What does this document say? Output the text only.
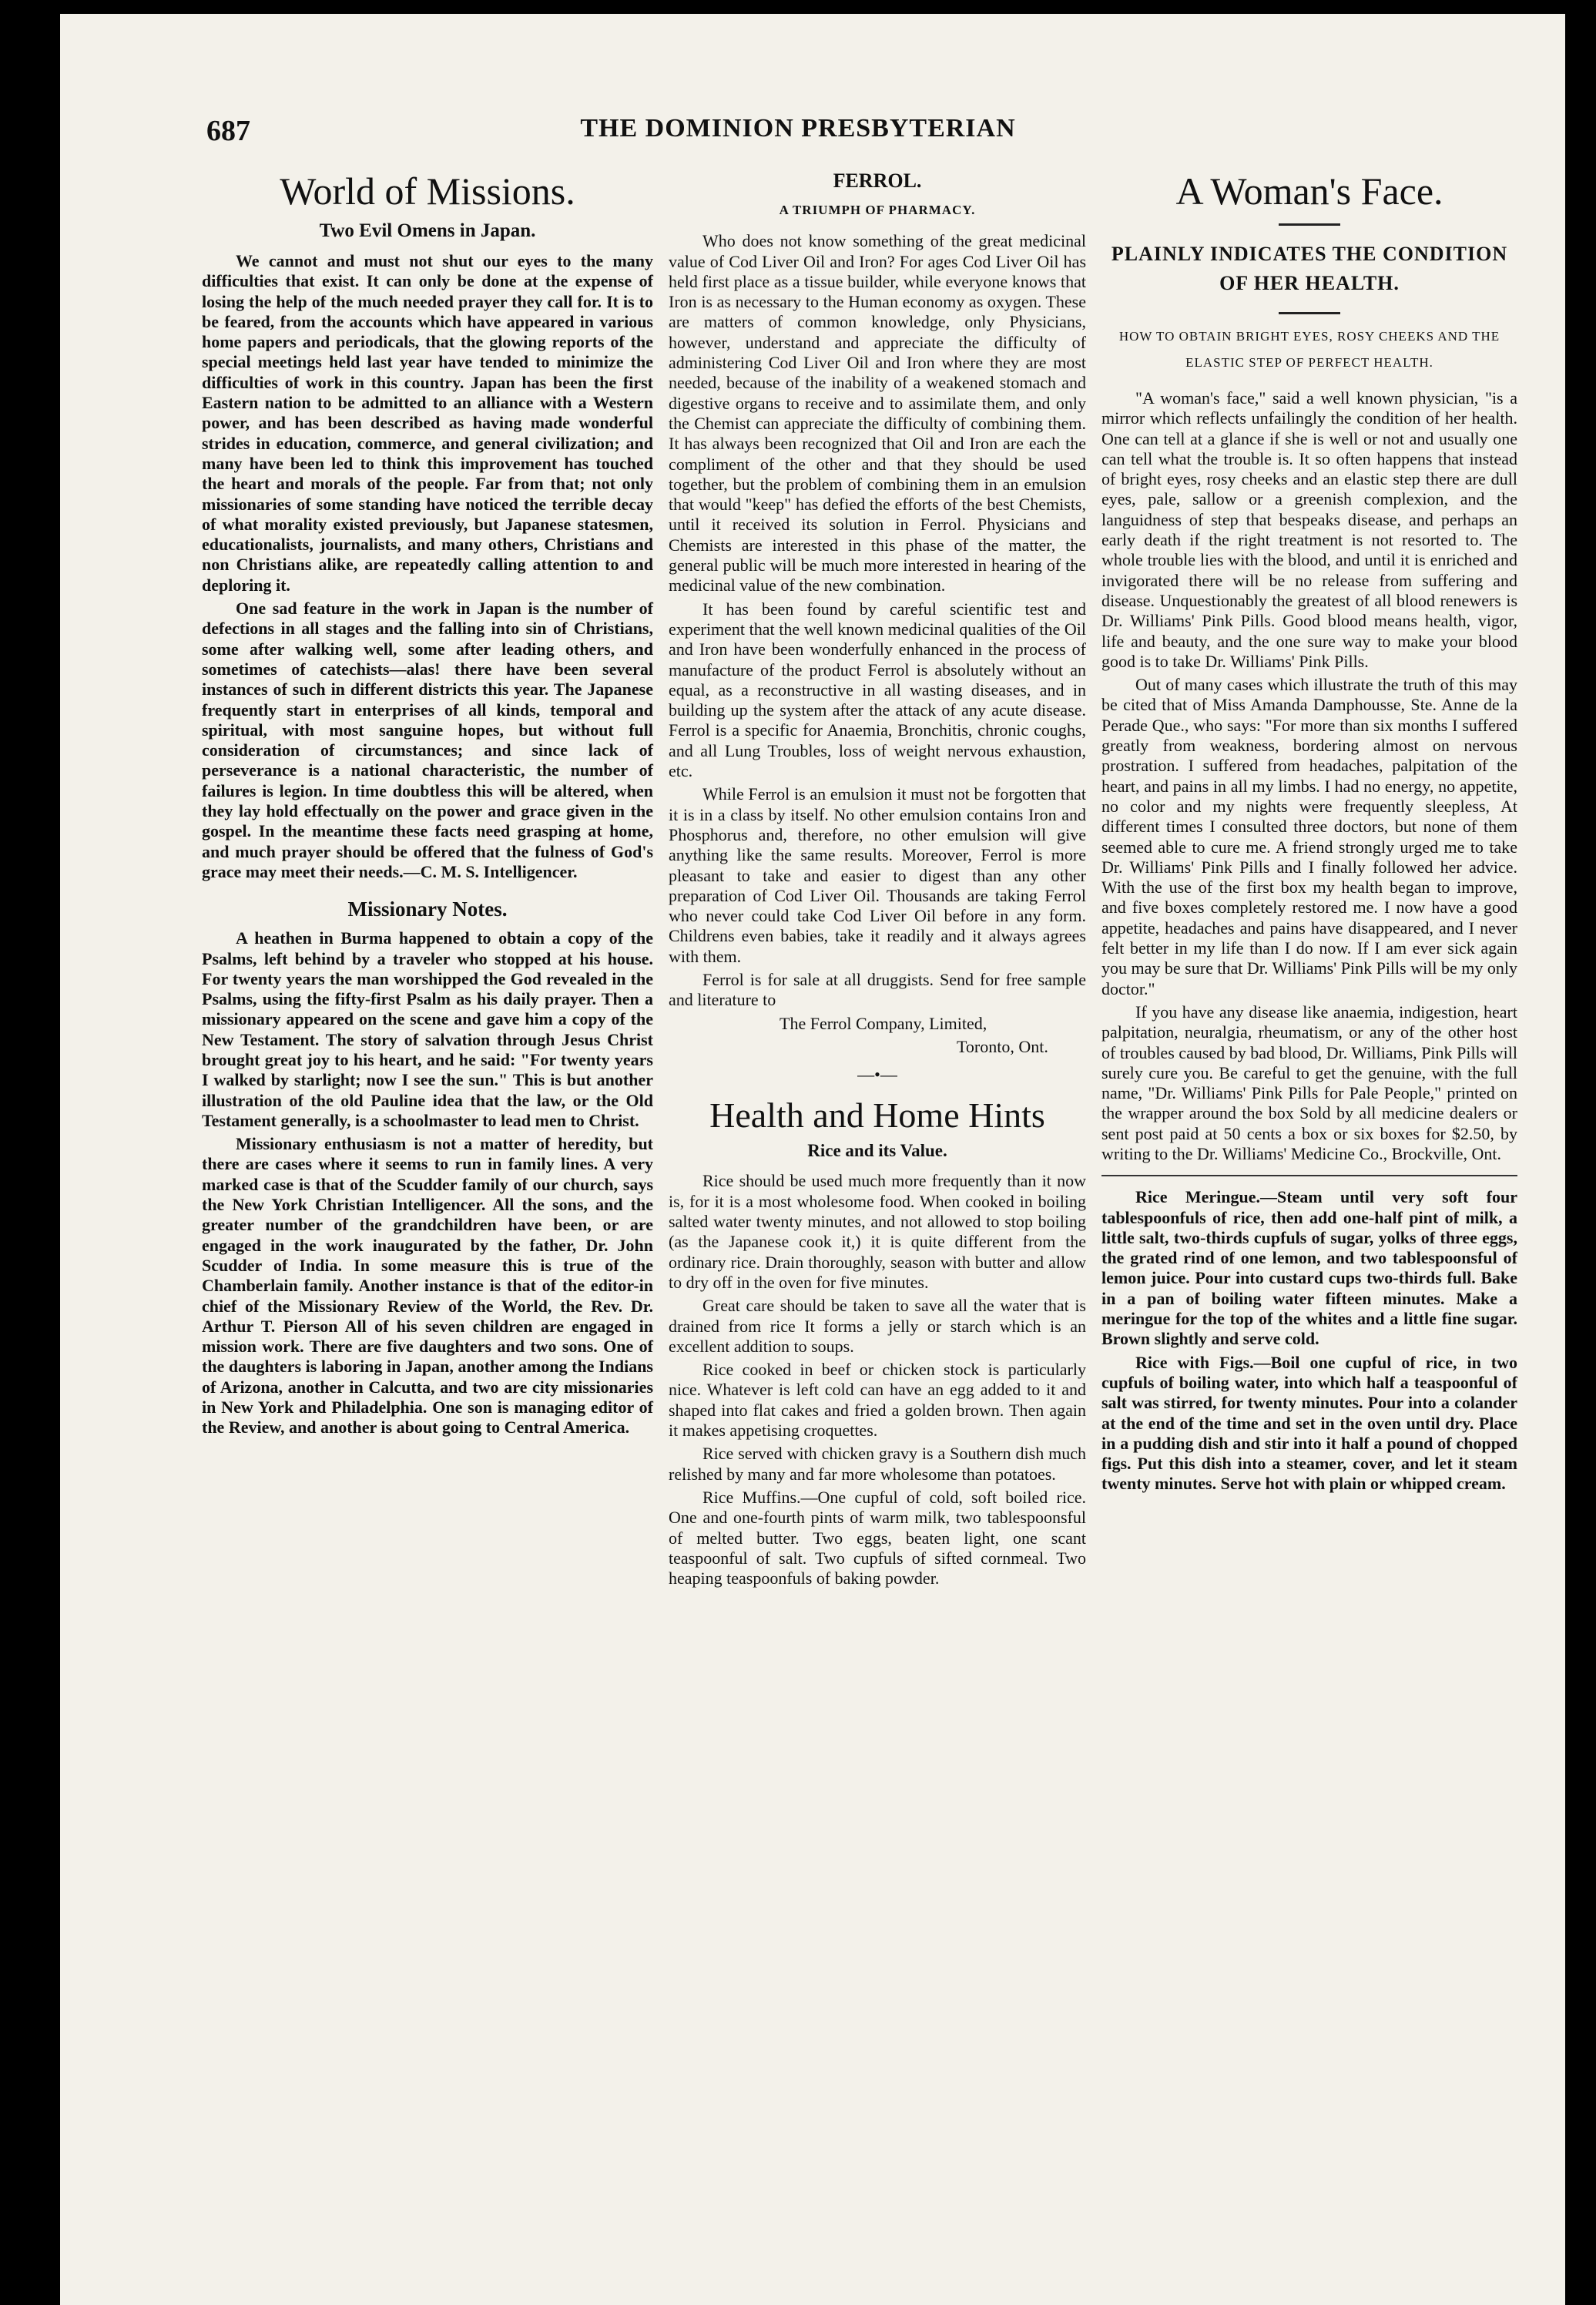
687	THE DOMINION PRESBYTERIAN
World of Missions.
Two Evil Omens in Japan.

We cannot and must not shut our eyes to the many difficulties that exist. It can only be done at the expense of losing the help of the much needed prayer they call for. It is to be feared, from the accounts which have appeared in various home papers and periodicals, that the glowing reports of the special meetings held last year have tended to minimize the difficulties of work in this country. Japan has been the first Eastern nation to be admitted to an alliance with a Western power, and has been described as having made wonderful strides in education, commerce, and general civilization; and many have been led to think this improvement has touched the heart and morals of the people. Far from that; not only missionaries of some standing have noticed the terrible decay of what morality existed previously, but Japanese statesmen, educationalists, journalists, and many others, Christians and non Christians alike, are repeatedly calling attention to and deploring it.

One sad feature in the work in Japan is the number of defections in all stages and the falling into sin of Christians, some after walking well, some after leading others, and sometimes of catechists—alas! there have been several instances of such in different districts this year. The Japanese frequently start in enterprises of all kinds, temporal and spiritual, with most sanguine hopes, but without full consideration of circumstances; and since lack of perseverance is a national characteristic, the number of failures is legion. In time doubtless this will be altered, when they lay hold effectually on the power and grace given in the gospel. In the meantime these facts need grasping at home, and much prayer should be offered that the fulness of God's grace may meet their needs.—C. M. S. Intelligencer.

Missionary Notes.

A heathen in Burma happened to obtain a copy of the Psalms, left behind by a traveler who stopped at his house. For twenty years the man worshipped the God revealed in the Psalms, using the fifty-first Psalm as his daily prayer. Then a missionary appeared on the scene and gave him a copy of the New Testament. The story of salvation through Jesus Christ brought great joy to his heart, and he said: "For twenty years I walked by starlight; now I see the sun." This is but another illustration of the old Pauline idea that the law, or the Old Testament generally, is a schoolmaster to lead men to Christ.

Missionary enthusiasm is not a matter of heredity, but there are cases where it seems to run in family lines. A very marked case is that of the Scudder family of our church, says the New York Christian Intelligencer. All the sons, and the greater number of the grandchildren have been, or are engaged in the work inaugurated by the father, Dr. John Scudder of India. In some measure this is true of the Chamberlain family. Another instance is that of the editor-in chief of the Missionary Review of the World, the Rev. Dr. Arthur T. Pierson All of his seven children are engaged in mission work. There are five daughters and two sons. One of the daughters is laboring in Japan, another among the Indians of Arizona, another in Calcutta, and two are city missionaries in New York and Philadelphia. One son is managing editor of the Review, and another is about going to Central America.

FERROL.
A TRIUMPH OF PHARMACY.

Who does not know something of the great medicinal value of Cod Liver Oil and Iron? For ages Cod Liver Oil has held first place as a tissue builder, while everyone knows that Iron is as necessary to the Human economy as oxygen. These are matters of common knowledge, only Physicians, however, understand and appreciate the difficulty of administering Cod Liver Oil and Iron where they are most needed, because of the inability of a weakened stomach and digestive organs to receive and to assimilate them, and only the Chemist can appreciate the difficulty of combining them. It has always been recognized that Oil and Iron are each the compliment of the other and that they should be used together, but the problem of combining them in an emulsion that would "keep" has defied the efforts of the best Chemists, until it received its solution in Ferrol. Physicians and Chemists are interested in this phase of the matter, the general public will be much more interested in hearing of the medicinal value of the new combination.

It has been found by careful scientific test and experiment that the well known medicinal qualities of the Oil and Iron have been wonderfully enhanced in the process of manufacture of the product Ferrol is absolutely without an equal, as a reconstructive in all wasting diseases, and in building up the system after the attack of any acute disease. Ferrol is a specific for Anaemia, Bronchitis, chronic coughs, and all Lung Troubles, loss of weight nervous exhaustion, etc.

While Ferrol is an emulsion it must not be forgotten that it is in a class by itself. No other emulsion contains Iron and Phosphorus and, therefore, no other emulsion will give anything like the same results. Moreover, Ferrol is more pleasant to take and easier to digest than any other preparation of Cod Liver Oil. Thousands are taking Ferrol who never could take Cod Liver Oil before in any form. Childrens even babies, take it readily and it always agrees with them.

Ferrol is for sale at all druggists. Send for free sample and literature to

The Ferrol Company, Limited,

Toronto, Ont.

—•—
Health and Home Hints
Rice and its Value.

Rice should be used much more frequently than it now is, for it is a most wholesome food. When cooked in boiling salted water twenty minutes, and not allowed to stop boiling (as the Japanese cook it,) it is quite different from the ordinary rice. Drain thoroughly, season with butter and allow to dry off in the oven for five minutes.

Great care should be taken to save all the water that is drained from rice It forms a jelly or starch which is an excellent addition to soups.

Rice cooked in beef or chicken stock is particularly nice. Whatever is left cold can have an egg added to it and shaped into flat cakes and fried a golden brown. Then again it makes appetising croquettes.

Rice served with chicken gravy is a Southern dish much relished by many and far more wholesome than potatoes.

Rice Muffins.—One cupful of cold, soft boiled rice. One and one-fourth pints of warm milk, two tablespoonsful of melted butter. Two eggs, beaten light, one scant teaspoonful of salt. Two cupfuls of sifted cornmeal. Two heaping teaspoonfuls of baking powder.

A Woman's Face.
PLAINLY INDICATES THE CONDITION OF HER HEALTH.
HOW TO OBTAIN BRIGHT EYES, ROSY CHEEKS AND THE ELASTIC STEP OF PERFECT HEALTH.

"A woman's face," said a well known physician, "is a mirror which reflects unfailingly the condition of her health. One can tell at a glance if she is well or not and usually one can tell what the trouble is. It so often happens that instead of bright eyes, rosy cheeks and an elastic step there are dull eyes, pale, sallow or a greenish complexion, and the languidness of step that bespeaks disease, and perhaps an early death if the right treatment is not resorted to. The whole trouble lies with the blood, and until it is enriched and invigorated there will be no release from suffering and disease. Unquestionably the greatest of all blood renewers is Dr. Williams' Pink Pills. Good blood means health, vigor, life and beauty, and the one sure way to make your blood good is to take Dr. Williams' Pink Pills.

Out of many cases which illustrate the truth of this may be cited that of Miss Amanda Damphousse, Ste. Anne de la Perade Que., who says: "For more than six months I suffered greatly from weakness, bordering almost on nervous prostration. I suffered from headaches, palpitation of the heart, and pains in all my limbs. I had no energy, no appetite, no color and my nights were frequently sleepless, At different times I consulted three doctors, but none of them seemed able to cure me. A friend strongly urged me to take Dr. Williams' Pink Pills and I finally followed her advice. With the use of the first box my health began to improve, and five boxes completely restored me. I now have a good appetite, headaches and pains have disappeared, and I never felt better in my life than I do now. If I am ever sick again you may be sure that Dr. Williams' Pink Pills will be my only doctor."

If you have any disease like anaemia, indigestion, heart palpitation, neuralgia, rheumatism, or any of the other host of troubles caused by bad blood, Dr. Williams, Pink Pills will surely cure you. Be careful to get the genuine, with the full name, "Dr. Williams' Pink Pills for Pale People," printed on the wrapper around the box Sold by all medicine dealers or sent post paid at 50 cents a box or six boxes for $2.50, by writing to the Dr. Williams' Medicine Co., Brockville, Ont.

Rice Meringue.—Steam until very soft four tablespoonfuls of rice, then add one-half pint of milk, a little salt, two-thirds cupfuls of sugar, yolks of three eggs, the grated rind of one lemon, and two tablespoonsful of lemon juice. Pour into custard cups two-thirds full. Bake in a pan of boiling water fifteen minutes. Make a meringue for the top of the whites and a little fine sugar. Brown slightly and serve cold.

Rice with Figs.—Boil one cupful of rice, in two cupfuls of boiling water, into which half a teaspoonful of salt was stirred, for twenty minutes. Pour into a colander at the end of the time and set in the oven until dry. Place in a pudding dish and stir into it half a pound of chopped figs. Put this dish into a steamer, cover, and let it steam twenty minutes. Serve hot with plain or whipped cream.
